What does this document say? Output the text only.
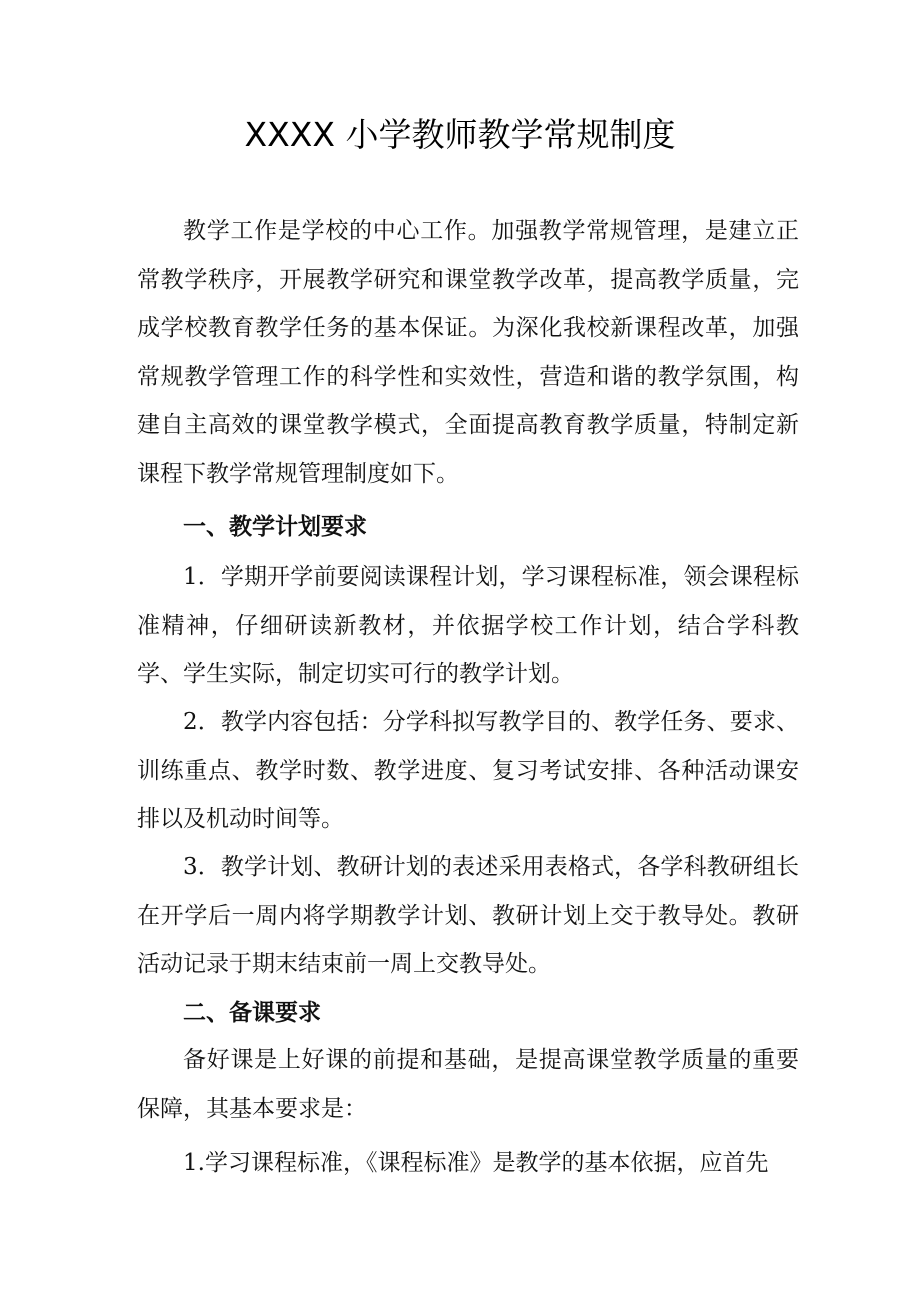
XXXX 小学教师教学常规制度

教学工作是学校的中心工作。加强教学常规管理，是建立正常教学秩序，开展教学研究和课堂教学改革，提高教学质量，完成学校教育教学任务的基本保证。为深化我校新课程改革，加强常规教学管理工作的科学性和实效性，营造和谐的教学氛围，构建自主高效的课堂教学模式，全面提高教育教学质量，特制定新课程下教学常规管理制度如下。

一、教学计划要求

1．学期开学前要阅读课程计划，学习课程标准，领会课程标准精神，仔细研读新教材，并依据学校工作计划，结合学科教学、学生实际，制定切实可行的教学计划。

2．教学内容包括：分学科拟写教学目的、教学任务、要求、训练重点、教学时数、教学进度、复习考试安排、各种活动课安排以及机动时间等。

3．教学计划、教研计划的表述采用表格式，各学科教研组长在开学后一周内将学期教学计划、教研计划上交于教导处。教研活动记录于期末结束前一周上交教导处。

二、备课要求

备好课是上好课的前提和基础，是提高课堂教学质量的重要保障，其基本要求是：

1.学习课程标准，《课程标准》是教学的基本依据，应首先
